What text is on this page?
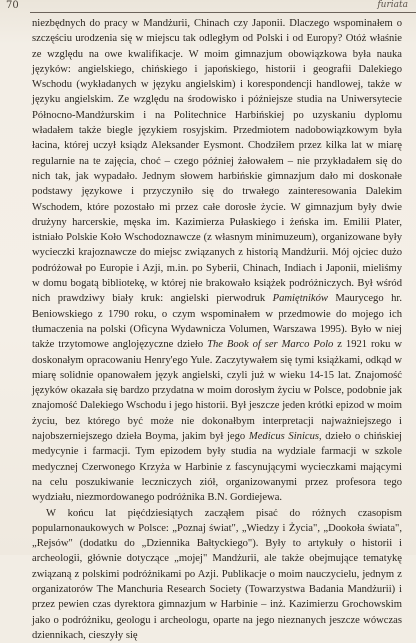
70	furiata

niezbędnych do pracy w Mandżurii, Chinach czy Japonii. Dlaczego wspominałem o szczęściu urodzenia się w miejscu tak odległym od Polski i od Europy? Otóż właśnie ze względu na owe kwalifikacje. W moim gimnazjum obowiązkowa była nauka języków: angielskiego, chińskiego i japońskiego, historii i geografii Dalekiego Wschodu (wykładanych w języku angielskim) i korespondencji handlowej, także w języku angielskim. Ze względu na środowisko i późniejsze studia na Uniwersytecie Północno-Mandżurskim i na Politechnice Harbińskiej po uzyskaniu dyplomu władałem także biegle językiem rosyjskim. Przedmiotem nadobowiązkowym była łacina, której uczył ksiądz Aleksander Eysmont. Chodziłem przez kilka lat w miarę regularnie na te zajęcia, choć – czego później żałowałem – nie przykładałem się do nich tak, jak wypadało. Jednym słowem harbińskie gimnazjum dało mi doskonałe podstawy językowe i przyczyniło się do trwałego zainteresowania Dalekim Wschodem, które pozostało mi przez całe dorosłe życie. W gimnazjum były dwie drużyny harcerskie, męska im. Kazimierza Pułaskiego i żeńska im. Emilii Plater, istniało Polskie Koło Wschodoznawcze (z własnym minimuzeum), organizowane były wycieczki krajoznawcze do miejsc związanych z historią Mandżurii. Mój ojciec dużo podróżował po Europie i Azji, m.in. po Syberii, Chinach, Indiach i Japonii, mieliśmy w domu bogatą bibliotekę, w której nie brakowało książek podróżniczych. Był wśród nich prawdziwy biały kruk: angielski pierwodruk Pamiętników Maurycego hr. Beniowskiego z 1790 roku, o czym wspominałem w przedmowie do mojego ich tłumaczenia na polski (Oficyna Wydawnicza Volumen, Warszawa 1995). Było w niej także trzytomowe anglojęzyczne dzieło The Book of ser Marco Polo z 1921 roku w doskonałym opracowaniu Henry'ego Yule. Zaczytywałem się tymi książkami, odkąd w miarę solidnie opanowałem język angielski, czyli już w wieku 14-15 lat. Znajomość języków okazała się bardzo przydatna w moim dorosłym życiu w Polsce, podobnie jak znajomość Dalekiego Wschodu i jego historii. Był jeszcze jeden krótki epizod w moim życiu, bez którego być może nie dokonałbym interpretacji najważniejszego i najobszerniejszego dzieła Boyma, jakim był jego Medicus Sinicus, dzieło o chińskiej medycynie i farmacji. Tym epizodem były studia na wydziale farmacji w szkole medycznej Czerwonego Krzyża w Harbinie z fascynującymi wycieczkami mającymi na celu poszukiwanie leczniczych ziół, organizowanymi przez profesora tego wydziału, niezmordowanego podróżnika B.N. Gordiejewa.

W końcu lat pięćdziesiątych zacząłem pisać do różnych czasopism popularnonaukowych w Polsce: „Poznaj świat", „Wiedzy i Życia", „Dookoła świata", „Rejsów" (dodatku do „Dziennika Bałtyckiego"). Były to artykuły o historii i archeologii, głównie dotyczące „mojej" Mandżurii, ale także obejmujące tematykę związaną z polskimi podróżnikami po Azji. Publikacje o moim nauczycielu, jednym z organizatorów The Manchuria Research Society (Towarzystwa Badania Mandżurii) i przez pewien czas dyrektora gimnazjum w Harbinie – inż. Kazimierzu Grochowskim jako o podróżniku, geologu i archeologu, oparte na jego nieznanych jeszcze wówczas dziennikach, cieszyły się
